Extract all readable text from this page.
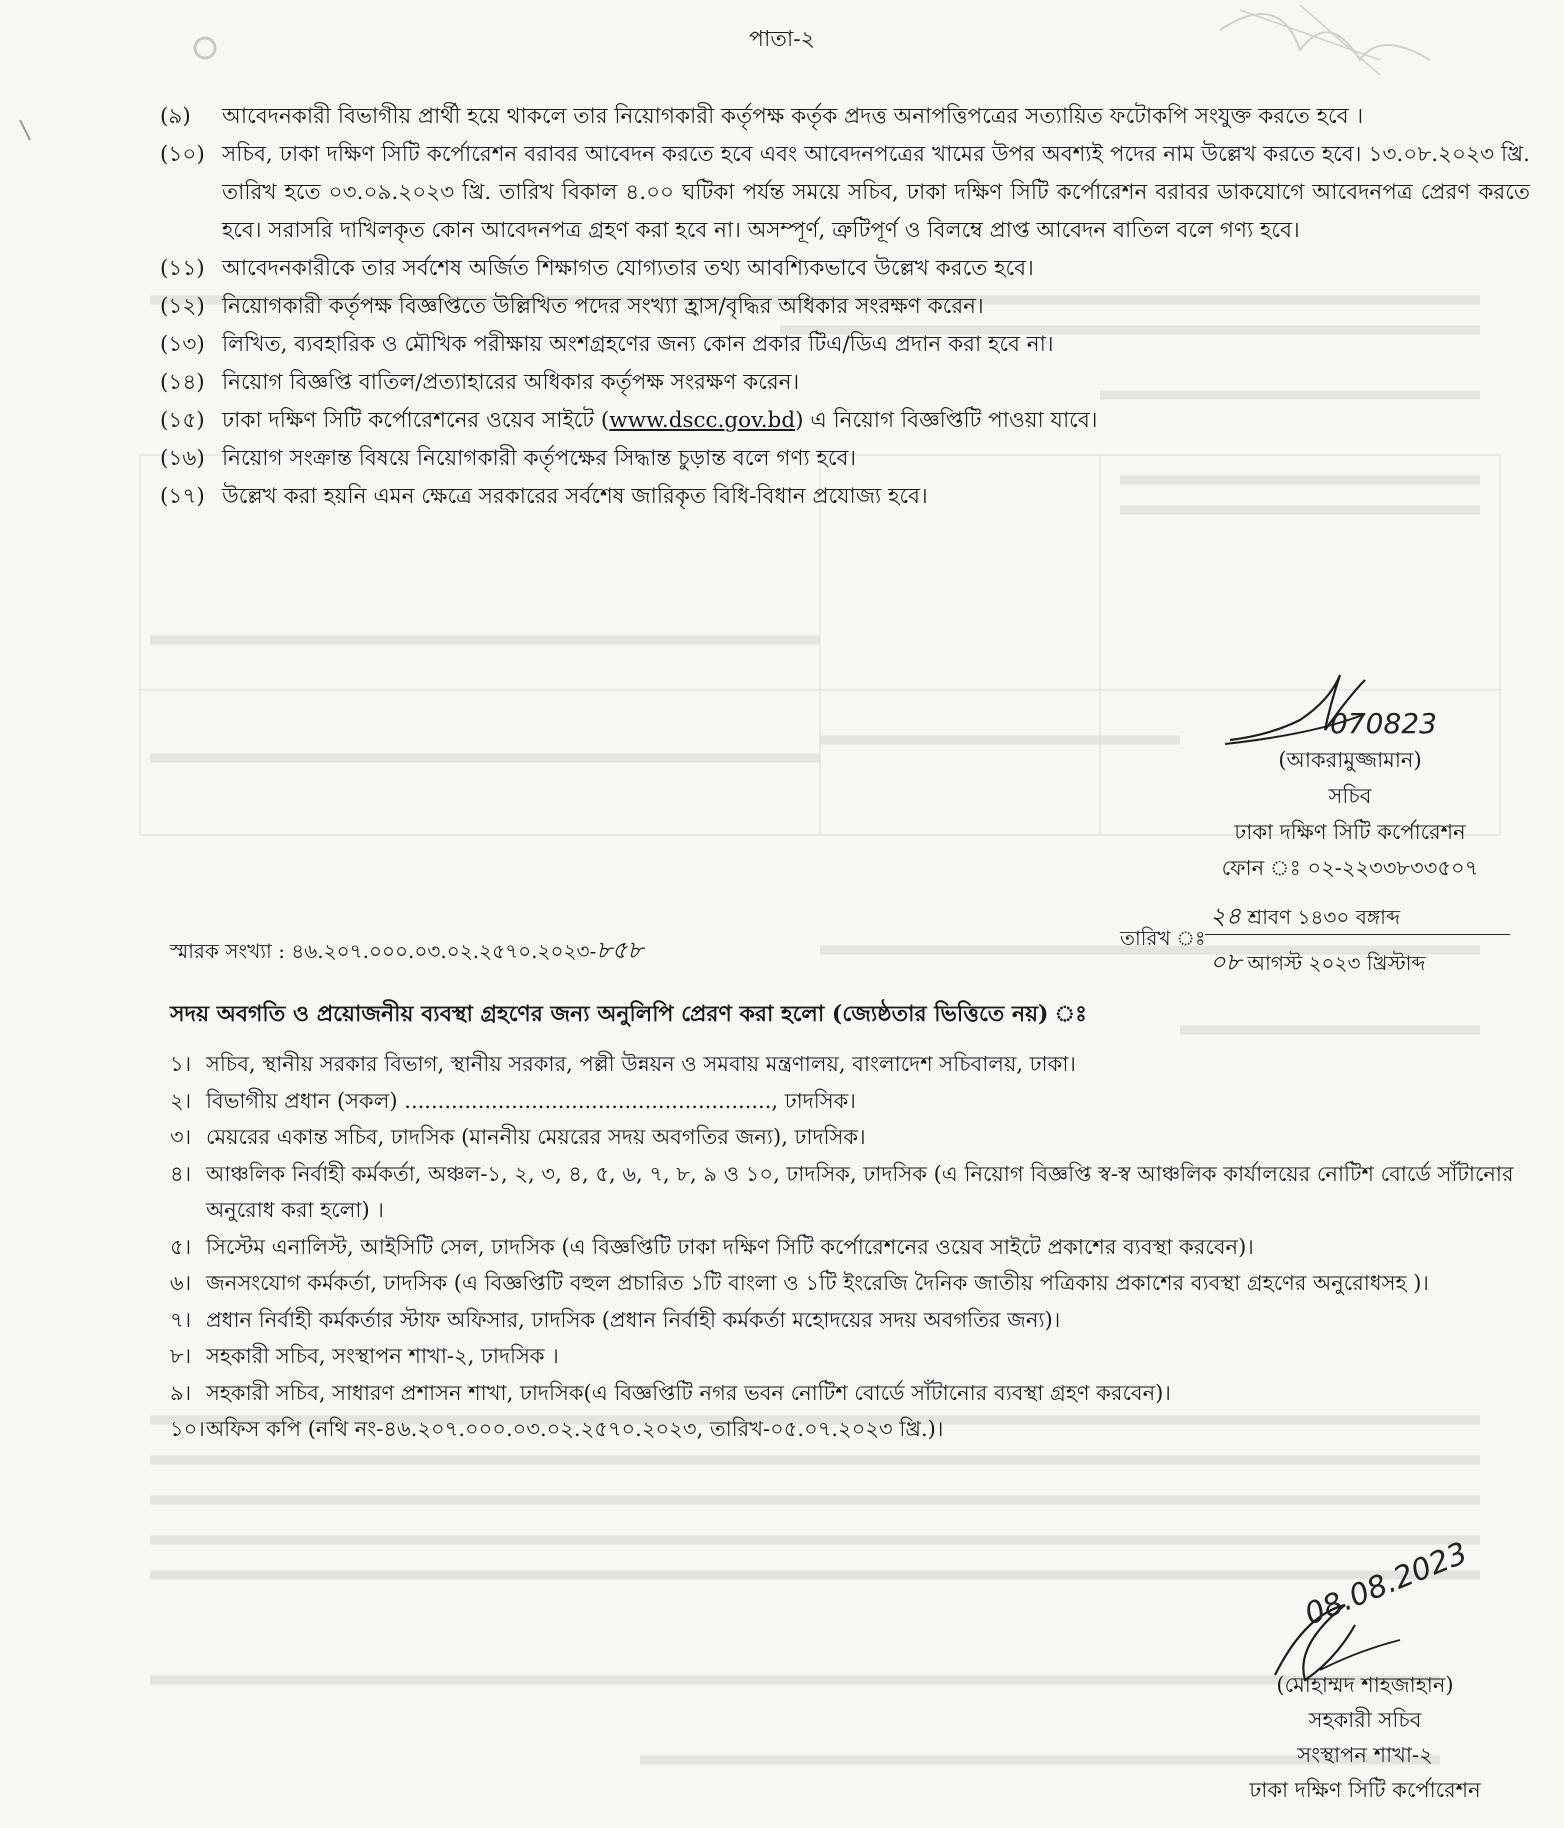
পাতা-২
(৯)	আবেদনকারী বিভাগীয় প্রার্থী হয়ে থাকলে তার নিয়োগকারী কর্তৃপক্ষ কর্তৃক প্রদত্ত অনাপত্তিপত্রের সত্যায়িত ফটোকপি সংযুক্ত করতে হবে ।
(১০) সচিব, ঢাকা দক্ষিণ সিটি কর্পোরেশন বরাবর আবেদন করতে হবে এবং আবেদনপত্রের খামের উপর অবশ্যই পদের নাম উল্লেখ করতে হবে। ১৩.০৮.২০২৩ খ্রি. তারিখ হতে ০৩.০৯.২০২৩ খ্রি. তারিখ বিকাল ৪.০০ ঘটিকা পর্যন্ত সময়ে সচিব, ঢাকা দক্ষিণ সিটি কর্পোরেশন বরাবর ডাকযোগে আবেদনপত্র প্রেরণ করতে হবে। সরাসরি দাখিলকৃত কোন আবেদনপত্র গ্রহণ করা হবে না। অসম্পূর্ণ, ত্রুটিপূর্ণ ও বিলম্বে প্রাপ্ত আবেদন বাতিল বলে গণ্য হবে।
(১১) আবেদনকারীকে তার সর্বশেষ অর্জিত শিক্ষাগত যোগ্যতার তথ্য আবশ্যিকভাবে উল্লেখ করতে হবে।
(১২) নিয়োগকারী কর্তৃপক্ষ বিজ্ঞপ্তিতে উল্লিখিত পদের সংখ্যা হ্রাস/বৃদ্ধির অধিকার সংরক্ষণ করেন।
(১৩) লিখিত, ব্যবহারিক ও মৌখিক পরীক্ষায় অংশগ্রহণের জন্য কোন প্রকার টিএ/ডিএ প্রদান করা হবে না।
(১৪) নিয়োগ বিজ্ঞপ্তি বাতিল/প্রত্যাহারের অধিকার কর্তৃপক্ষ সংরক্ষণ করেন।
(১৫) ঢাকা দক্ষিণ সিটি কর্পোরেশনের ওয়েব সাইটে (www.dscc.gov.bd) এ নিয়োগ বিজ্ঞপ্তিটি পাওয়া যাবে।
(১৬) নিয়োগ সংক্রান্ত বিষয়ে নিয়োগকারী কর্তৃপক্ষের সিদ্ধান্ত চুড়ান্ত বলে গণ্য হবে।
(১৭) উল্লেখ করা হয়নি এমন ক্ষেত্রে সরকারের সর্বশেষ জারিকৃত বিধি-বিধান প্রযোজ্য হবে।
070823
(আকরামুজ্জামান)
সচিব
ঢাকা দক্ষিণ সিটি কর্পোরেশন
ফোন ঃ ০২-২২৩৩৮৩৩৫০৭
স্মারক সংখ্যা : ৪৬.২০৭.০০০.০৩.০২.২৫৭০.২০২৩-৮৫৮	তারিখ ঃ
২৪ শ্রাবণ ১৪৩০ বঙ্গাব্দ
০৮ আগস্ট ২০২৩ খ্রিস্টাব্দ
সদয় অবগতি ও প্রয়োজনীয় ব্যবস্থা গ্রহণের জন্য অনুলিপি প্রেরণ করা হলো (জ্যেষ্ঠতার ভিত্তিতে নয়) ঃ
১। সচিব, স্থানীয় সরকার বিভাগ, স্থানীয় সরকার, পল্লী উন্নয়ন ও সমবায় মন্ত্রণালয়, বাংলাদেশ সচিবালয়, ঢাকা।
২। বিভাগীয় প্রধান (সকল) ......................................................., ঢাদসিক।
৩। মেয়রের একান্ত সচিব, ঢাদসিক (মাননীয় মেয়রের সদয় অবগতির জন্য), ঢাদসিক।
৪। আঞ্চলিক নির্বাহী কর্মকর্তা, অঞ্চল-১, ২, ৩, ৪, ৫, ৬, ৭, ৮, ৯ ও ১০, ঢাদসিক, ঢাদসিক (এ নিয়োগ বিজ্ঞপ্তি স্ব-স্ব আঞ্চলিক কার্যালয়ের নোটিশ বোর্ডে সাঁটানোর অনুরোধ করা হলো) ।
৫। সিস্টেম এনালিস্ট, আইসিটি সেল, ঢাদসিক (এ বিজ্ঞপ্তিটি ঢাকা দক্ষিণ সিটি কর্পোরেশনের ওয়েব সাইটে প্রকাশের ব্যবস্থা করবেন)।
৬। জনসংযোগ কর্মকর্তা, ঢাদসিক (এ বিজ্ঞপ্তিটি বহুল প্রচারিত ১টি বাংলা ও ১টি ইংরেজি দৈনিক জাতীয় পত্রিকায় প্রকাশের ব্যবস্থা গ্রহণের অনুরোধসহ )।
৭। প্রধান নির্বাহী কর্মকর্তার স্টাফ অফিসার, ঢাদসিক (প্রধান নির্বাহী কর্মকর্তা মহোদয়ের সদয় অবগতির জন্য)।
৮। সহকারী সচিব, সংস্থাপন শাখা-২, ঢাদসিক ।
৯। সহকারী সচিব, সাধারণ প্রশাসন শাখা, ঢাদসিক(এ বিজ্ঞপ্তিটি নগর ভবন নোটিশ বোর্ডে সাঁটানোর ব্যবস্থা গ্রহণ করবেন)।
১০। অফিস কপি (নথি নং-৪৬.২০৭.০০০.০৩.০২.২৫৭০.২০২৩, তারিখ-০৫.০৭.২০২৩ খ্রি.)।
08.08.2023
(মোহাম্মদ শাহজাহান)
সহকারী সচিব
সংস্থাপন শাখা-২
ঢাকা দক্ষিণ সিটি কর্পোরেশন
